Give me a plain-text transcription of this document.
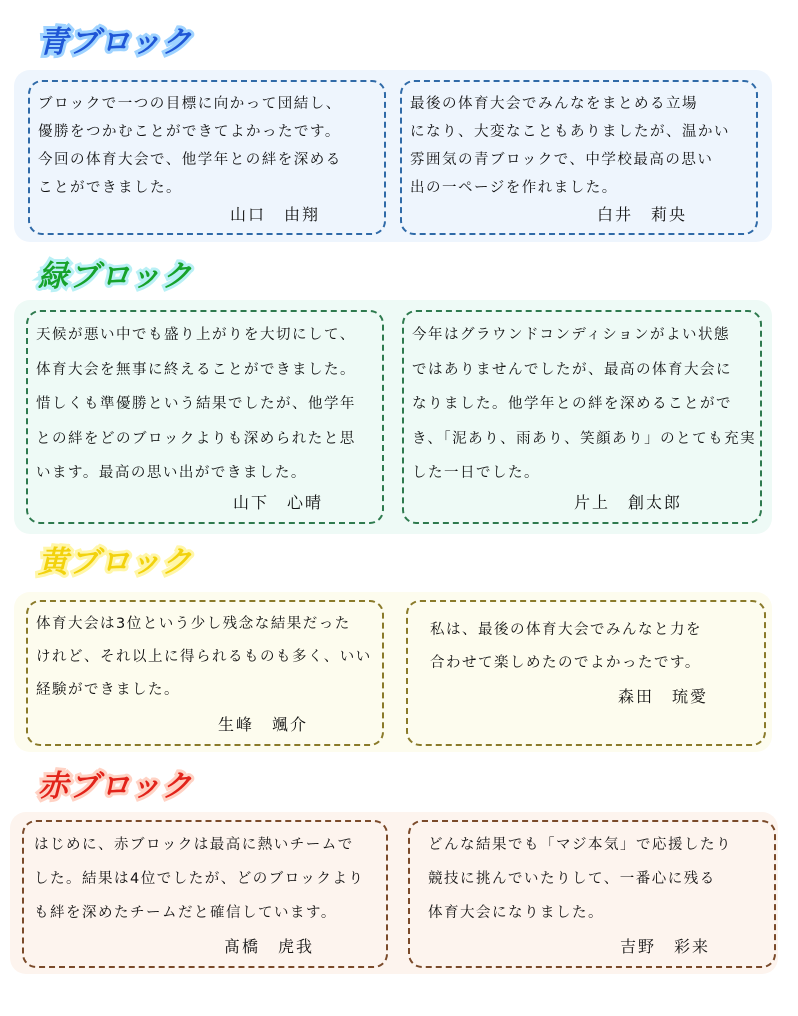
青ブロック
ブロックで一つの目標に向かって団結し、
優勝をつかむことができてよかったです。
今回の体育大会で、他学年との絆を深める
ことができました。
山口　由翔
最後の体育大会でみんなをまとめる立場
になり、大変なこともありましたが、温かい
雰囲気の青ブロックで、中学校最高の思い
出の一ページを作れました。
白井　莉央
緑ブロック
天候が悪い中でも盛り上がりを大切にして、
体育大会を無事に終えることができました。
惜しくも準優勝という結果でしたが、他学年
との絆をどのブロックよりも深められたと思
います。最高の思い出ができました。
山下　心晴
今年はグラウンドコンディションがよい状態
ではありませんでしたが、最高の体育大会に
なりました。他学年との絆を深めることがで
き、「泥あり、雨あり、笑顔あり」のとても充実
した一日でした。
片上　創太郎
黄ブロック
体育大会は3位という少し残念な結果だった
けれど、それ以上に得られるものも多く、いい
経験ができました。
生峰　颯介
私は、最後の体育大会でみんなと力を
合わせて楽しめたのでよかったです。
森田　琉愛
赤ブロック
はじめに、赤ブロックは最高に熱いチームで
した。結果は4位でしたが、どのブロックより
も絆を深めたチームだと確信しています。
髙橋　虎我
どんな結果でも「マジ本気」で応援したり
競技に挑んでいたりして、一番心に残る
体育大会になりました。
吉野　彩来
